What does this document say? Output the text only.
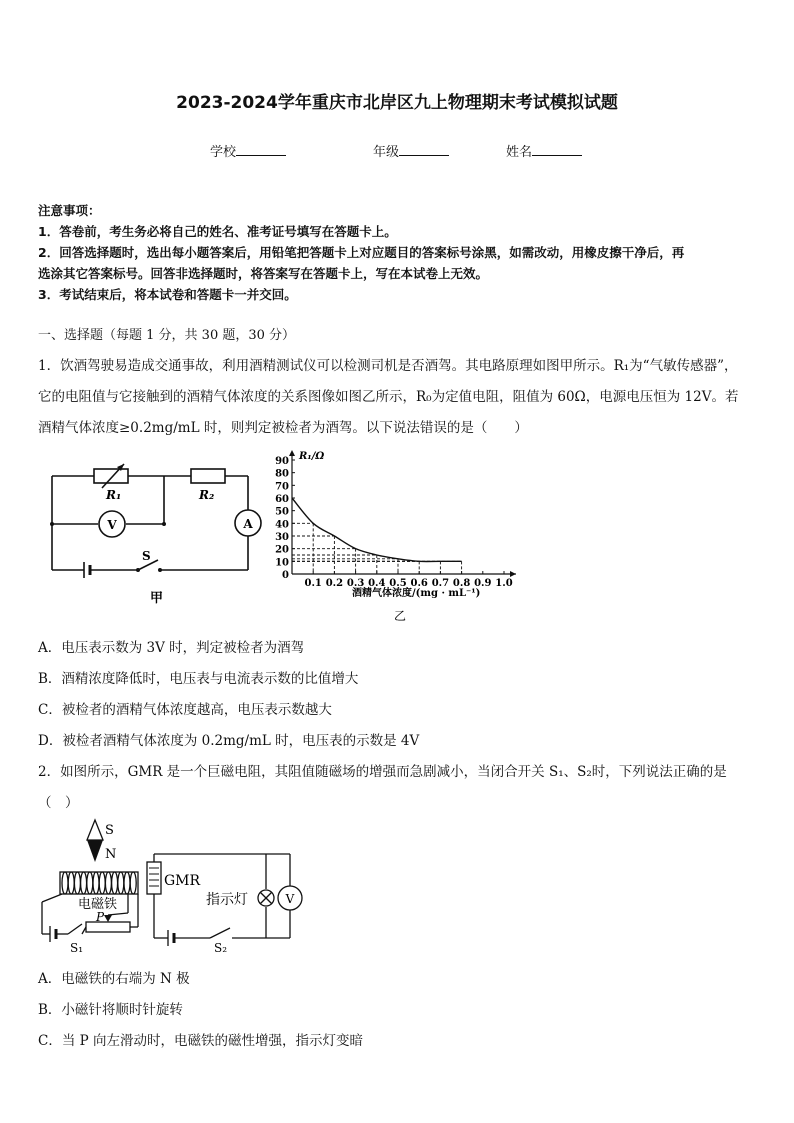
2023-2024学年重庆市北岸区九上物理期末考试模拟试题
学校	年级	姓名
注意事项：
1．答卷前，考生务必将自己的姓名、准考证号填写在答题卡上。
2．回答选择题时，选出每小题答案后，用铅笔把答题卡上对应题目的答案标号涂黑，如需改动，用橡皮擦干净后，再
选涂其它答案标号。回答非选择题时，将答案写在答题卡上，写在本试卷上无效。
3．考试结束后，将本试卷和答题卡一并交回。
一、选择题（每题 1 分，共 30 题，30 分）
1．饮酒驾驶易造成交通事故，利用酒精测试仪可以检测司机是否酒驾。其电路原理如图甲所示。R₁为“气敏传感器”，
它的电阻值与它接触到的酒精气体浓度的关系图像如图乙所示，R₀为定值电阻，阻值为 60Ω，电源电压恒为 12V。若
酒精气体浓度≥0.2mg/mL 时，则判定被检者为酒驾。以下说法错误的是（　　）
R₁	R₂
V	A
S
甲
0
10
20
30
40
50
60
70
80
90
0.1 0.2 0.3 0.4 0.5 0.6 0.7 0.8 0.9 1.0
R₁/Ω
酒精气体浓度/(mg · mL⁻¹)
乙
A．电压表示数为 3V 时，判定被检者为酒驾
B．酒精浓度降低时，电压表与电流表示数的比值增大
C．被检者的酒精气体浓度越高，电压表示数越大
D．被检者酒精气体浓度为 0.2mg/mL 时，电压表的示数是 4V
2．如图所示，GMR 是一个巨磁电阻，其阻值随磁场的增强而急剧减小，当闭合开关 S₁、S₂时，下列说法正确的是
（　）
S
N
电磁铁
P
S₁
GMR
指示灯	V
S₂
A．电磁铁的右端为 N 极
B．小磁针将顺时针旋转
C．当 P 向左滑动时，电磁铁的磁性增强，指示灯变暗
